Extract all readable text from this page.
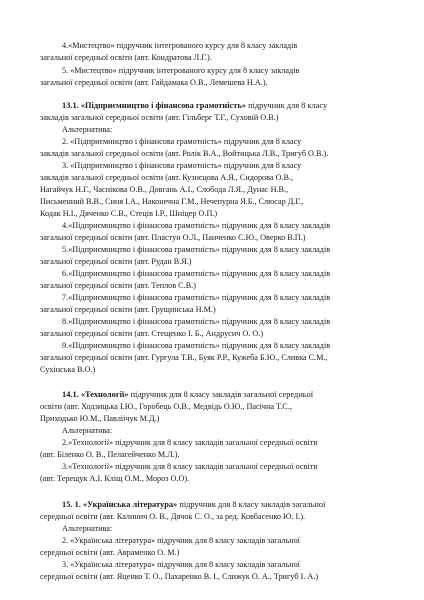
4.«Мистецтво» підручник інтегрованого курсу для 8 класу закладів
загальної середньої освіти (авт. Кондратова Л.Г.).
5. «Мистецтво» підручник інтегрованого курсу для 8 класу закладів
загальної середньої освіти (авт. Гайдамака О.В., Лемешева Н.А.).
13.1. «Підприємництво і фінансова грамотність» підручник для 8 класу
закладів загальної середньої освіти (авт. Гільберг Т.Г., Суховій О.В.)
Альтернатива:
2. «Підприємництво і фінансова грамотність» підручник для 8 класу
закладів загальної середньої освіти (авт. Ролік В.А., Войтицька Л.В., Тригуб О.В.).
3. «Підприємництво і фінансова грамотність» підручник для 8 класу
закладів загальної середньої освіти (авт. Кузнєцова А.Я., Сидорова О.В.,
Нагайчук Н.Г., Часнікова О.В., Довгань А.І., Слобода Л.Я., Дунас Н.В.,
Письменний В.В., Синя І.А., Наконечна Г.М., Нечепурна Я.Б., Слюсар Д.Г.,
Кодак Н.І., Дяченко С.В., Стеців І.Р., Шніцер О.П.)
4.«Підприємництво і фінансова грамотність» підручник для 8 класу закладів
загальної середньої освіти (авт. Пластун О.Л., Панченко С.Ю., Оверко В.П.)
5.«Підприємництво і фінансова грамотність» підручник для 8 класу закладів
загальної середньої освіти (авт. Рудан В.Я.)
6.«Підприємництво і фінансова грамотність» підручник для 8 класу закладів
загальної середньої освіти (авт. Теплов С.В.)
7.«Підприємництво і фінансова грамотність» підручник для 8 класу закладів
загальної середньої освіти (авт. Грущинська Н.М.)
8.«Підприємництво і фінансова грамотність» підручник для 8 класу закладів
загальної середньої освіти (авт. Стещенко І. Б., Андрусич О. О.)
9.«Підприємництво і фінансова грамотність» підручник для 8 класу закладів
загальної середньої освіти (авт. Гургула Т.В., Буяк Р.Р., Кужеба Б.Ю., Сливка С.М.,
Сухінська В.О.)
14.1. «Технології» підручник для 8 класу закладів загальної середньої
освіти (авт. Ходзицька І.Ю., Горобець О.В., Медвідь О.Ю., Пасічна Т.С.,
Приходько Ю.М., Павліічук М.Д.)
Альтернатива:
2.«Технології» підручник для 8 класу закладів загальної середньої освіти
(авт. Біленко О. В., Пелагейченко М.Л.).
3.«Технології» підручник для 8 класу закладів загальної середньої освіти
(авт. Терещук А.І. Кліщ О.М., Мороз О.О).
15. 1. «Українська література» підручник для 8 класу закладів загальної
середньої освіти (авт. Калинич О. В., Дячок С. О., за ред. Ковбасенко Ю. І.).
Альтернатива:
2. «Українська література» підручник для 8 класу закладів загальної
середньої освіти (авт. Авраменко О. М.)
3. «Українська література» підручник для 8 класу закладів загальної
середньої освіти (авт. Яценко Т. О., Пахаренко В. І., Слижук О. А., Тригуб І. А.)
